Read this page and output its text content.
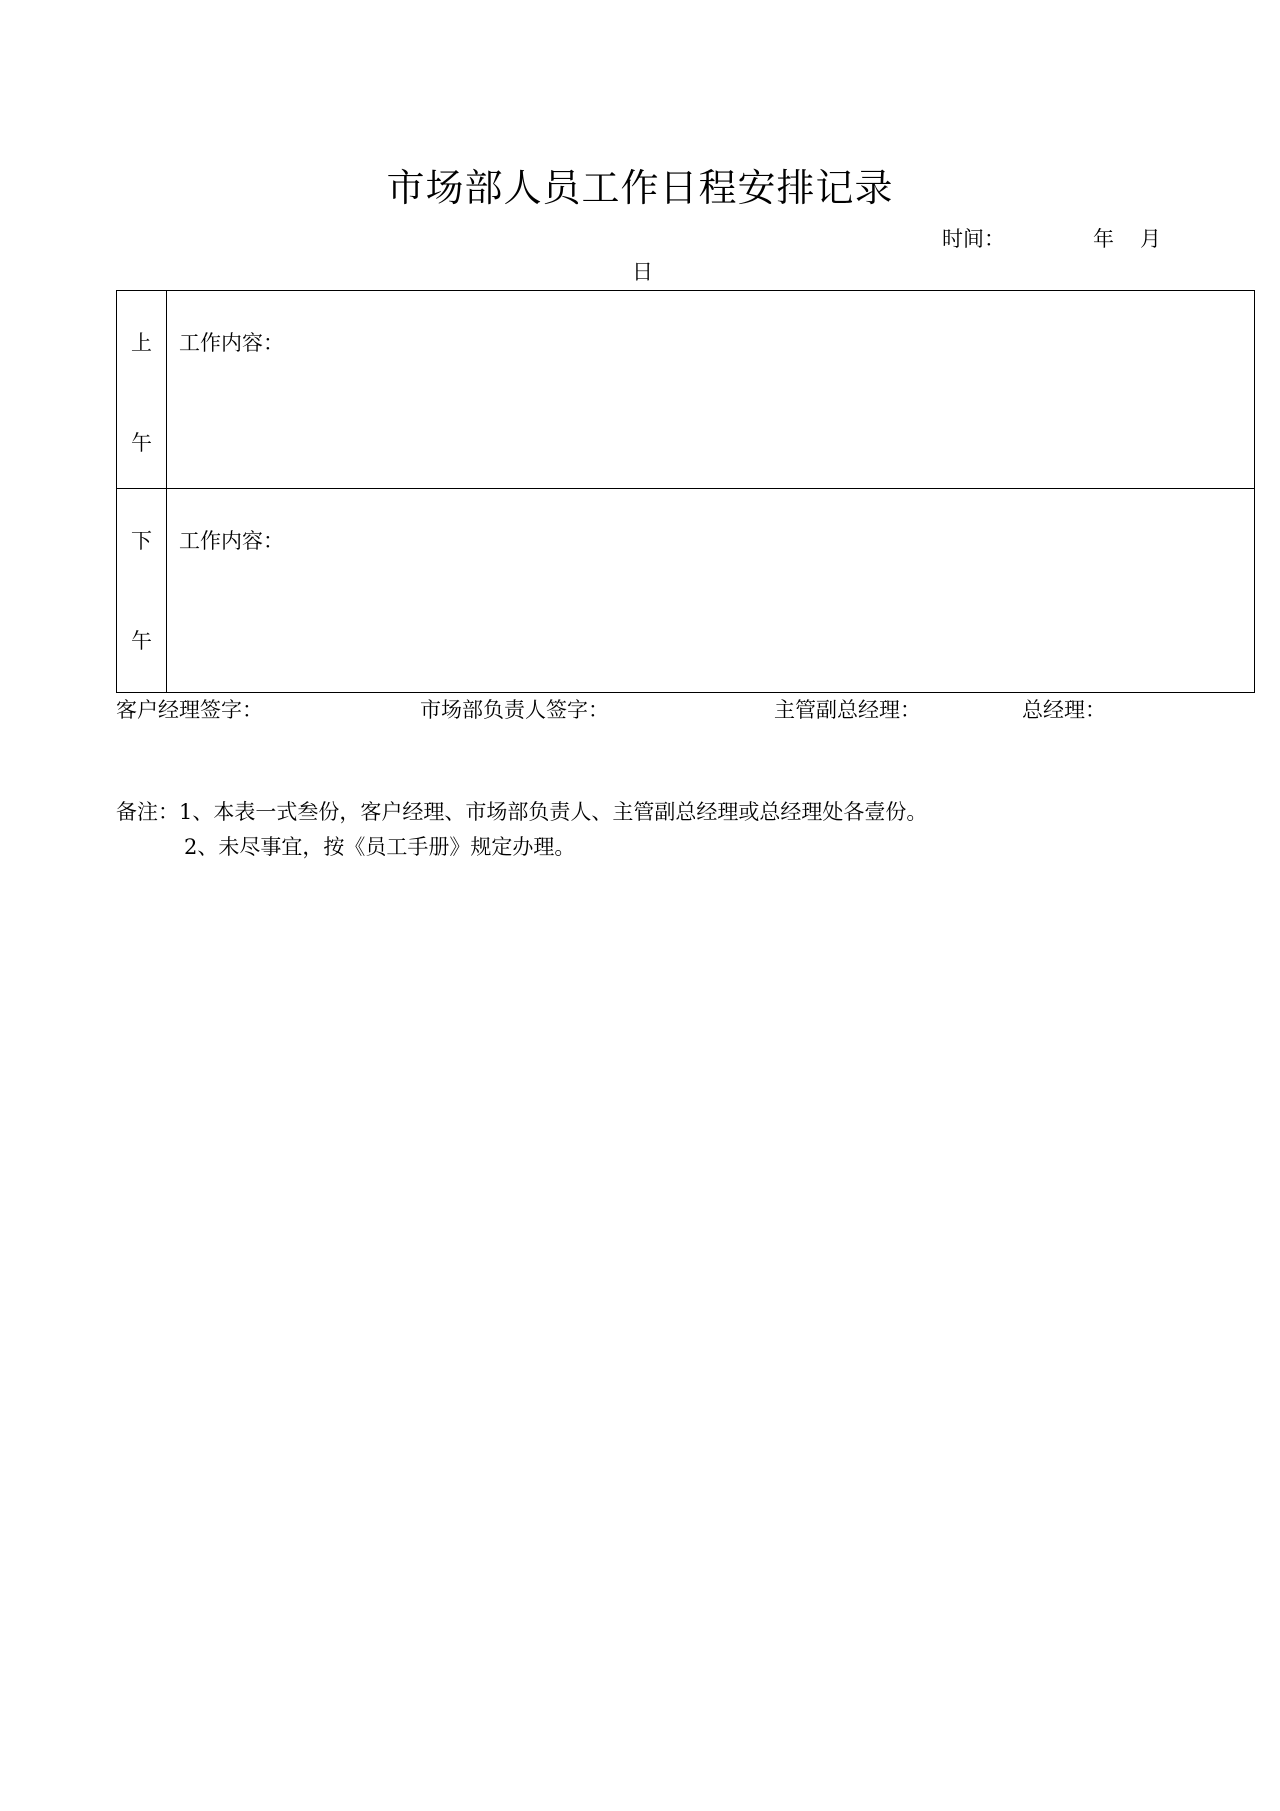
市场部人员工作日程安排记录
时间：	年 月
日
上
午	工作内容：

下
午	工作内容：
客户经理签字：	市场部负责人签字：	主管副总经理：	总经理：
备注：1、本表一式叁份，客户经理、市场部负责人、主管副总经理或总经理处各壹份。
2、未尽事宜，按《员工手册》规定办理。
